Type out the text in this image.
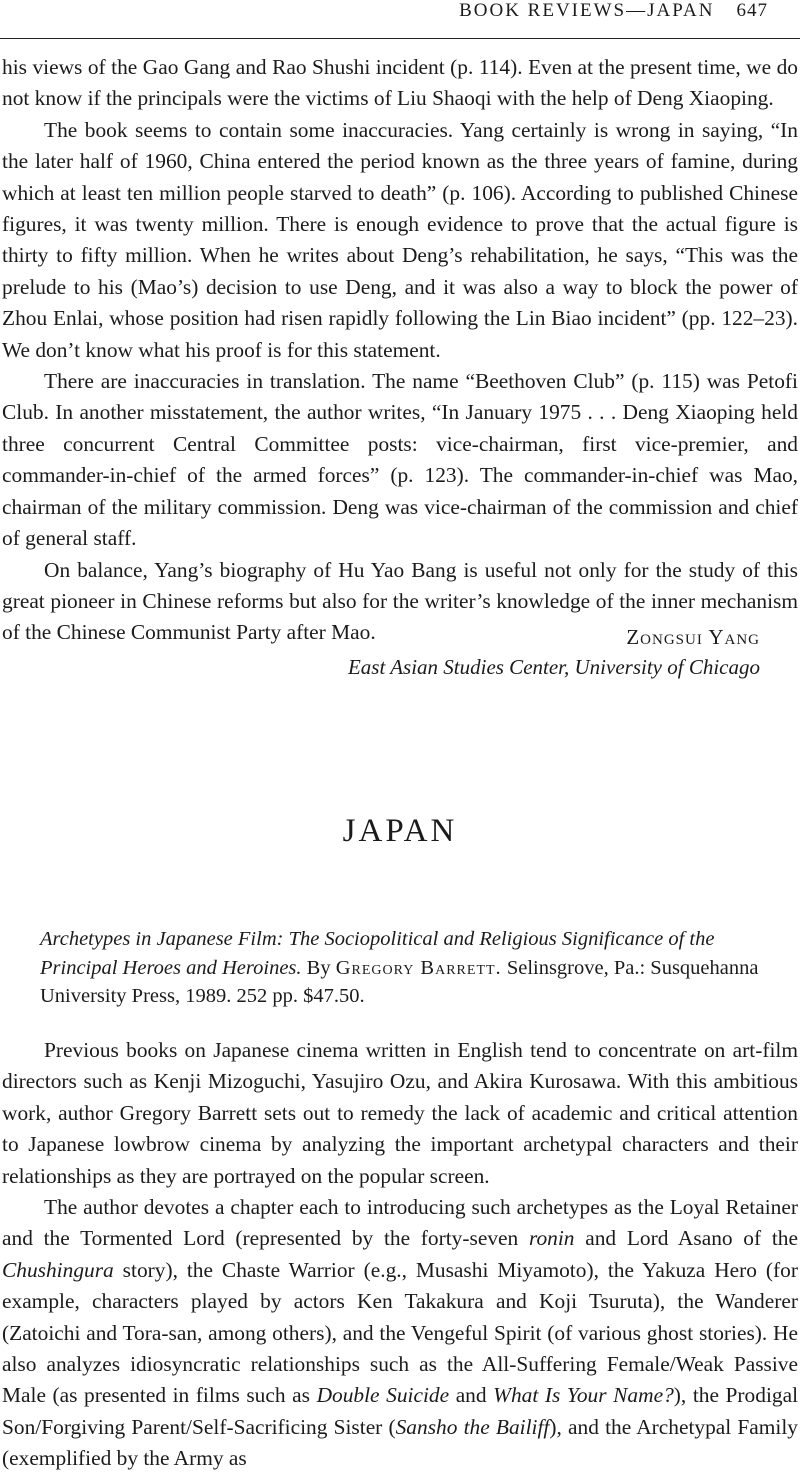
BOOK REVIEWS—JAPAN 647

his views of the Gao Gang and Rao Shushi incident (p. 114). Even at the present time, we do not know if the principals were the victims of Liu Shaoqi with the help of Deng Xiaoping.

The book seems to contain some inaccuracies. Yang certainly is wrong in saying, “In the later half of 1960, China entered the period known as the three years of famine, during which at least ten million people starved to death” (p. 106). According to published Chinese figures, it was twenty million. There is enough evidence to prove that the actual figure is thirty to fifty million. When he writes about Deng’s rehabilitation, he says, “This was the prelude to his (Mao’s) decision to use Deng, and it was also a way to block the power of Zhou Enlai, whose position had risen rapidly following the Lin Biao incident” (pp. 122–23). We don’t know what his proof is for this statement.

There are inaccuracies in translation. The name “Beethoven Club” (p. 115) was Petofi Club. In another misstatement, the author writes, “In January 1975 . . . Deng Xiaoping held three concurrent Central Committee posts: vice-chairman, first vice-premier, and commander-in-chief of the armed forces” (p. 123). The commander-in-chief was Mao, chairman of the military commission. Deng was vice-chairman of the commission and chief of general staff.

On balance, Yang’s biography of Hu Yao Bang is useful not only for the study of this great pioneer in Chinese reforms but also for the writer’s knowledge of the inner mechanism of the Chinese Communist Party after Mao.	Zongsui Yang
East Asian Studies Center, University of Chicago
JAPAN
Archetypes in Japanese Film: The Sociopolitical and Religious Significance of the Principal Heroes and Heroines. By Gregory Barrett. Selinsgrove, Pa.: Susquehanna University Press, 1989. 252 pp. $47.50.

Previous books on Japanese cinema written in English tend to concentrate on art-film directors such as Kenji Mizoguchi, Yasujiro Ozu, and Akira Kurosawa. With this ambitious work, author Gregory Barrett sets out to remedy the lack of academic and critical attention to Japanese lowbrow cinema by analyzing the important archetypal characters and their relationships as they are portrayed on the popular screen.

The author devotes a chapter each to introducing such archetypes as the Loyal Retainer and the Tormented Lord (represented by the forty-seven ronin and Lord Asano of the Chushingura story), the Chaste Warrior (e.g., Musashi Miyamoto), the Yakuza Hero (for example, characters played by actors Ken Takakura and Koji Tsuruta), the Wanderer (Zatoichi and Tora-san, among others), and the Vengeful Spirit (of various ghost stories). He also analyzes idiosyncratic relationships such as the All-Suffering Female/Weak Passive Male (as presented in films such as Double Suicide and What Is Your Name?), the Prodigal Son/Forgiving Parent/Self-Sacrificing Sister (Sansho the Bailiff), and the Archetypal Family (exemplified by the Army as
